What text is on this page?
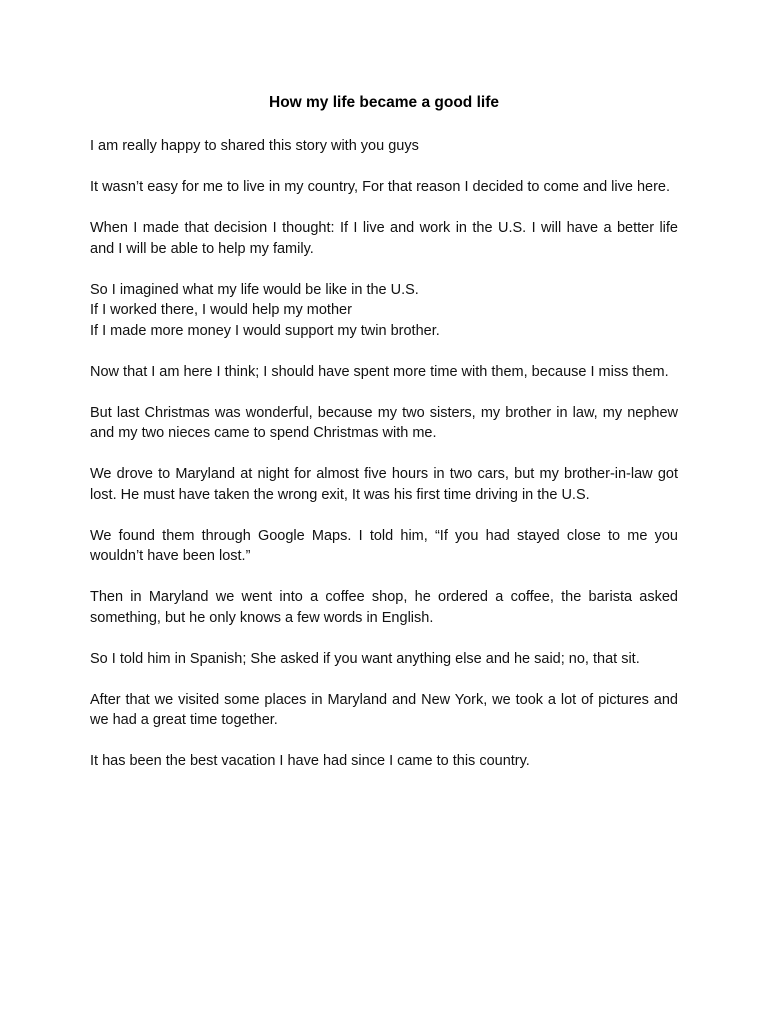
How my life became a good life

I am really happy to shared this story with you guys

It wasn’t easy for me to live in my country, For that reason I decided to come and live here.

When I made that decision I thought: If I live and work in the U.S. I will have a better life and I will be able to help my family.

So I imagined what my life would be like in the U.S.
If I worked there, I would help my mother
If I made more money I would support my twin brother.

Now that I am here I think; I should have spent more time with them, because I miss them.

But last Christmas was wonderful, because my two sisters, my brother in law, my nephew and my two nieces came to spend Christmas with me.

We drove to Maryland at night for almost five hours in two cars, but my brother-in-law got lost. He must have taken the wrong exit, It was his first time driving in the U.S.

We found them through Google Maps. I told him, “If you had stayed close to me you wouldn’t have been lost.”

Then in Maryland we went into a coffee shop, he ordered a coffee, the barista asked something, but he only knows a few words in English.

So I told him in Spanish; She asked if you want anything else and he said; no, that sit.

After that we visited some places in Maryland and New York, we took a lot of pictures and we had a great time together.

It has been the best vacation I have had since I came to this country.
